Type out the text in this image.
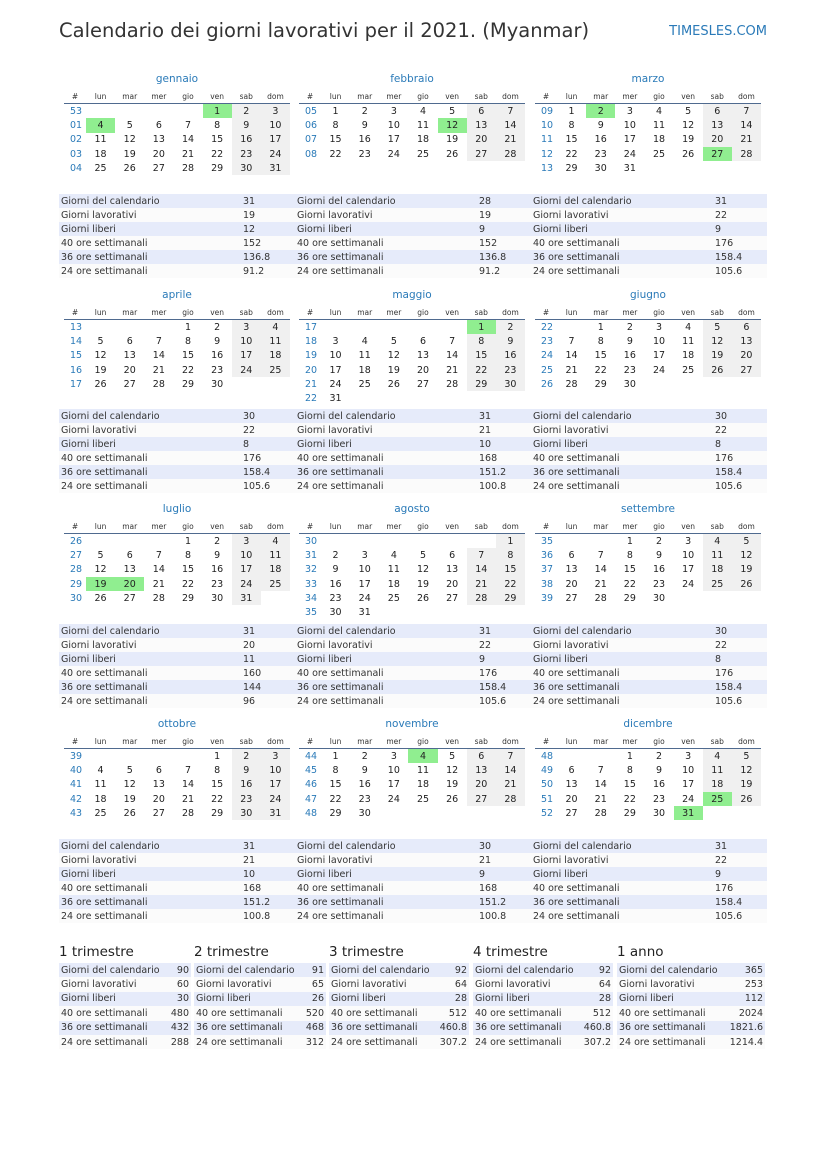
Calendario dei giorni lavorativi per il 2021. (Myanmar)	TIMESLES.COM
gennaio
#	lun	mar	mer	gio	ven	sab	dom
53					1	2	3
01	4	5	6	7	8	9	10
02	11	12	13	14	15	16	17
03	18	19	20	21	22	23	24
04	25	26	27	28	29	30	31
Giorni del calendario	31
Giorni lavorativi	19
Giorni liberi	12
40 ore settimanali	152
36 ore settimanali	136.8
24 ore settimanali	91.2
febbraio
#	lun	mar	mer	gio	ven	sab	dom
05	1	2	3	4	5	6	7
06	8	9	10	11	12	13	14
07	15	16	17	18	19	20	21
08	22	23	24	25	26	27	28
Giorni del calendario	28
Giorni lavorativi	19
Giorni liberi	9
40 ore settimanali	152
36 ore settimanali	136.8
24 ore settimanali	91.2
marzo
#	lun	mar	mer	gio	ven	sab	dom
09	1	2	3	4	5	6	7
10	8	9	10	11	12	13	14
11	15	16	17	18	19	20	21
12	22	23	24	25	26	27	28
13	29	30	31				
Giorni del calendario	31
Giorni lavorativi	22
Giorni liberi	9
40 ore settimanali	176
36 ore settimanali	158.4
24 ore settimanali	105.6
aprile
#	lun	mar	mer	gio	ven	sab	dom
13				1	2	3	4
14	5	6	7	8	9	10	11
15	12	13	14	15	16	17	18
16	19	20	21	22	23	24	25
17	26	27	28	29	30		
Giorni del calendario	30
Giorni lavorativi	22
Giorni liberi	8
40 ore settimanali	176
36 ore settimanali	158.4
24 ore settimanali	105.6
maggio
#	lun	mar	mer	gio	ven	sab	dom
17						1	2
18	3	4	5	6	7	8	9
19	10	11	12	13	14	15	16
20	17	18	19	20	21	22	23
21	24	25	26	27	28	29	30
22	31						
Giorni del calendario	31
Giorni lavorativi	21
Giorni liberi	10
40 ore settimanali	168
36 ore settimanali	151.2
24 ore settimanali	100.8
giugno
#	lun	mar	mer	gio	ven	sab	dom
22		1	2	3	4	5	6
23	7	8	9	10	11	12	13
24	14	15	16	17	18	19	20
25	21	22	23	24	25	26	27
26	28	29	30				
Giorni del calendario	30
Giorni lavorativi	22
Giorni liberi	8
40 ore settimanali	176
36 ore settimanali	158.4
24 ore settimanali	105.6
luglio
#	lun	mar	mer	gio	ven	sab	dom
26				1	2	3	4
27	5	6	7	8	9	10	11
28	12	13	14	15	16	17	18
29	19	20	21	22	23	24	25
30	26	27	28	29	30	31	
Giorni del calendario	31
Giorni lavorativi	20
Giorni liberi	11
40 ore settimanali	160
36 ore settimanali	144
24 ore settimanali	96
agosto
#	lun	mar	mer	gio	ven	sab	dom
30							1
31	2	3	4	5	6	7	8
32	9	10	11	12	13	14	15
33	16	17	18	19	20	21	22
34	23	24	25	26	27	28	29
35	30	31					
Giorni del calendario	31
Giorni lavorativi	22
Giorni liberi	9
40 ore settimanali	176
36 ore settimanali	158.4
24 ore settimanali	105.6
settembre
#	lun	mar	mer	gio	ven	sab	dom
35			1	2	3	4	5
36	6	7	8	9	10	11	12
37	13	14	15	16	17	18	19
38	20	21	22	23	24	25	26
39	27	28	29	30			
Giorni del calendario	30
Giorni lavorativi	22
Giorni liberi	8
40 ore settimanali	176
36 ore settimanali	158.4
24 ore settimanali	105.6
ottobre
#	lun	mar	mer	gio	ven	sab	dom
39					1	2	3
40	4	5	6	7	8	9	10
41	11	12	13	14	15	16	17
42	18	19	20	21	22	23	24
43	25	26	27	28	29	30	31
Giorni del calendario	31
Giorni lavorativi	21
Giorni liberi	10
40 ore settimanali	168
36 ore settimanali	151.2
24 ore settimanali	100.8
novembre
#	lun	mar	mer	gio	ven	sab	dom
44	1	2	3	4	5	6	7
45	8	9	10	11	12	13	14
46	15	16	17	18	19	20	21
47	22	23	24	25	26	27	28
48	29	30					
Giorni del calendario	30
Giorni lavorativi	21
Giorni liberi	9
40 ore settimanali	168
36 ore settimanali	151.2
24 ore settimanali	100.8
dicembre
#	lun	mar	mer	gio	ven	sab	dom
48			1	2	3	4	5
49	6	7	8	9	10	11	12
50	13	14	15	16	17	18	19
51	20	21	22	23	24	25	26
52	27	28	29	30	31		
Giorni del calendario	31
Giorni lavorativi	22
Giorni liberi	9
40 ore settimanali	176
36 ore settimanali	158.4
24 ore settimanali	105.6
1 trimestre
Giorni del calendario	90
Giorni lavorativi	60
Giorni liberi	30
40 ore settimanali	480
36 ore settimanali	432
24 ore settimanali	288
2 trimestre
Giorni del calendario	91
Giorni lavorativi	65
Giorni liberi	26
40 ore settimanali	520
36 ore settimanali	468
24 ore settimanali	312
3 trimestre
Giorni del calendario	92
Giorni lavorativi	64
Giorni liberi	28
40 ore settimanali	512
36 ore settimanali	460.8
24 ore settimanali	307.2
4 trimestre
Giorni del calendario	92
Giorni lavorativi	64
Giorni liberi	28
40 ore settimanali	512
36 ore settimanali	460.8
24 ore settimanali	307.2
1 anno
Giorni del calendario	365
Giorni lavorativi	253
Giorni liberi	112
40 ore settimanali	2024
36 ore settimanali	1821.6
24 ore settimanali	1214.4
